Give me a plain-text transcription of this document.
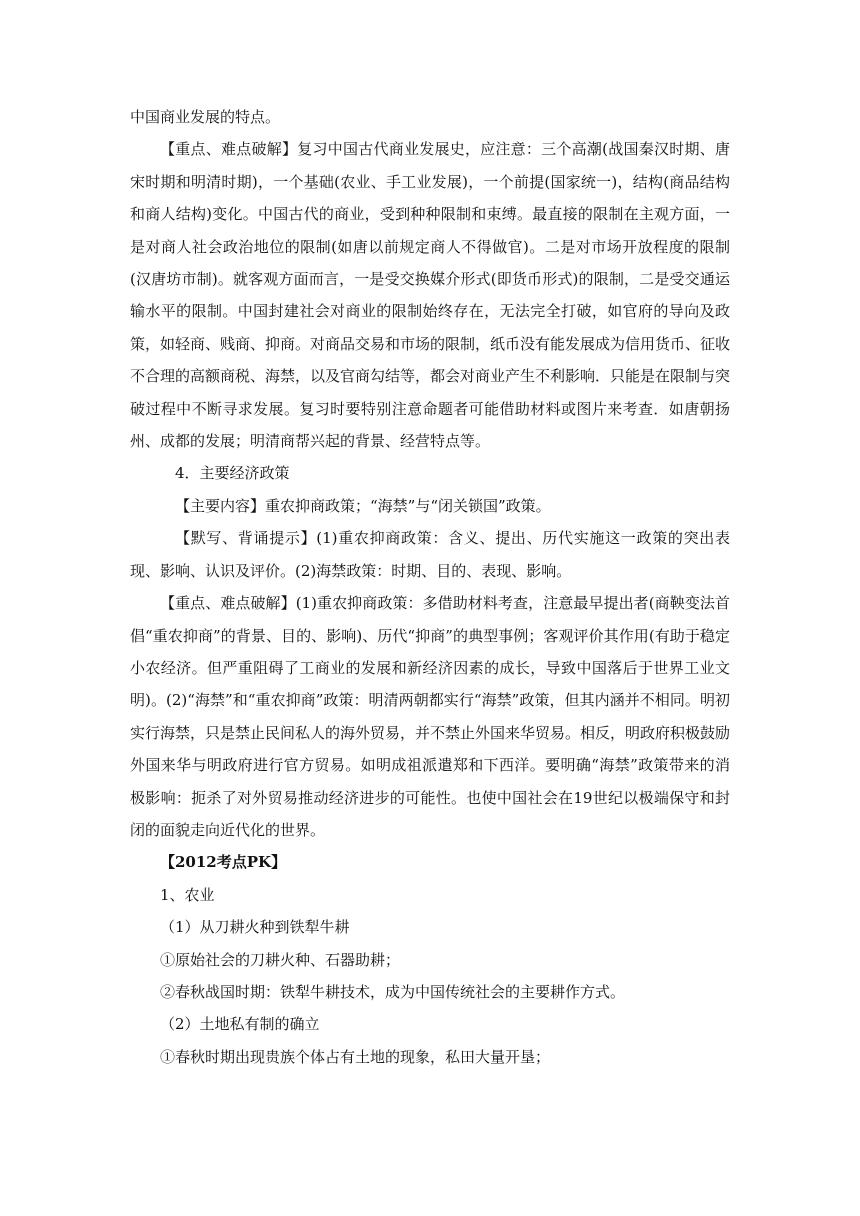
中国商业发展的特点。

【重点、难点破解】复习中国古代商业发展史，应注意：三个高潮(战国秦汉时期、唐宋时期和明清时期)，一个基础(农业、手工业发展)，一个前提(国家统一)，结构(商品结构和商人结构)变化。中国古代的商业，受到种种限制和束缚。最直接的限制在主观方面，一是对商人社会政治地位的限制(如唐以前规定商人不得做官)。二是对市场开放程度的限制(汉唐坊市制)。就客观方面而言，一是受交换媒介形式(即货币形式)的限制，二是受交通运输水平的限制。中国封建社会对商业的限制始终存在，无法完全打破，如官府的导向及政策，如轻商、贱商、抑商。对商品交易和市场的限制，纸币没有能发展成为信用货币、征收不合理的高额商税、海禁，以及官商勾结等，都会对商业产生不利影响．只能是在限制与突破过程中不断寻求发展。复习时要特别注意命题者可能借助材料或图片来考查．如唐朝扬州、成都的发展；明清商帮兴起的背景、经营特点等。

4．主要经济政策

【主要内容】重农抑商政策；“海禁”与“闭关锁国”政策。

【默写、背诵提示】(1)重农抑商政策：含义、提出、历代实施这一政策的突出表现、影响、认识及评价。(2)海禁政策：时期、目的、表现、影响。

【重点、难点破解】(1)重农抑商政策：多借助材料考查，注意最早提出者(商鞅变法首倡“重农抑商”的背景、目的、影响)、历代“抑商”的典型事例；客观评价其作用(有助于稳定小农经济。但严重阻碍了工商业的发展和新经济因素的成长，导致中国落后于世界工业文明)。(2)“海禁”和“重农抑商”政策：明清两朝都实行“海禁”政策，但其内涵并不相同。明初实行海禁，只是禁止民间私人的海外贸易，并不禁止外国来华贸易。相反，明政府积极鼓励外国来华与明政府进行官方贸易。如明成祖派遣郑和下西洋。要明确“海禁”政策带来的消极影响：扼杀了对外贸易推动经济进步的可能性。也使中国社会在19世纪以极端保守和封闭的面貌走向近代化的世界。

【2012考点PK】

1、农业

（1）从刀耕火种到铁犁牛耕

①原始社会的刀耕火种、石器助耕；

②春秋战国时期：铁犁牛耕技术，成为中国传统社会的主要耕作方式。

（2）土地私有制的确立

①春秋时期出现贵族个体占有土地的现象，私田大量开垦；
